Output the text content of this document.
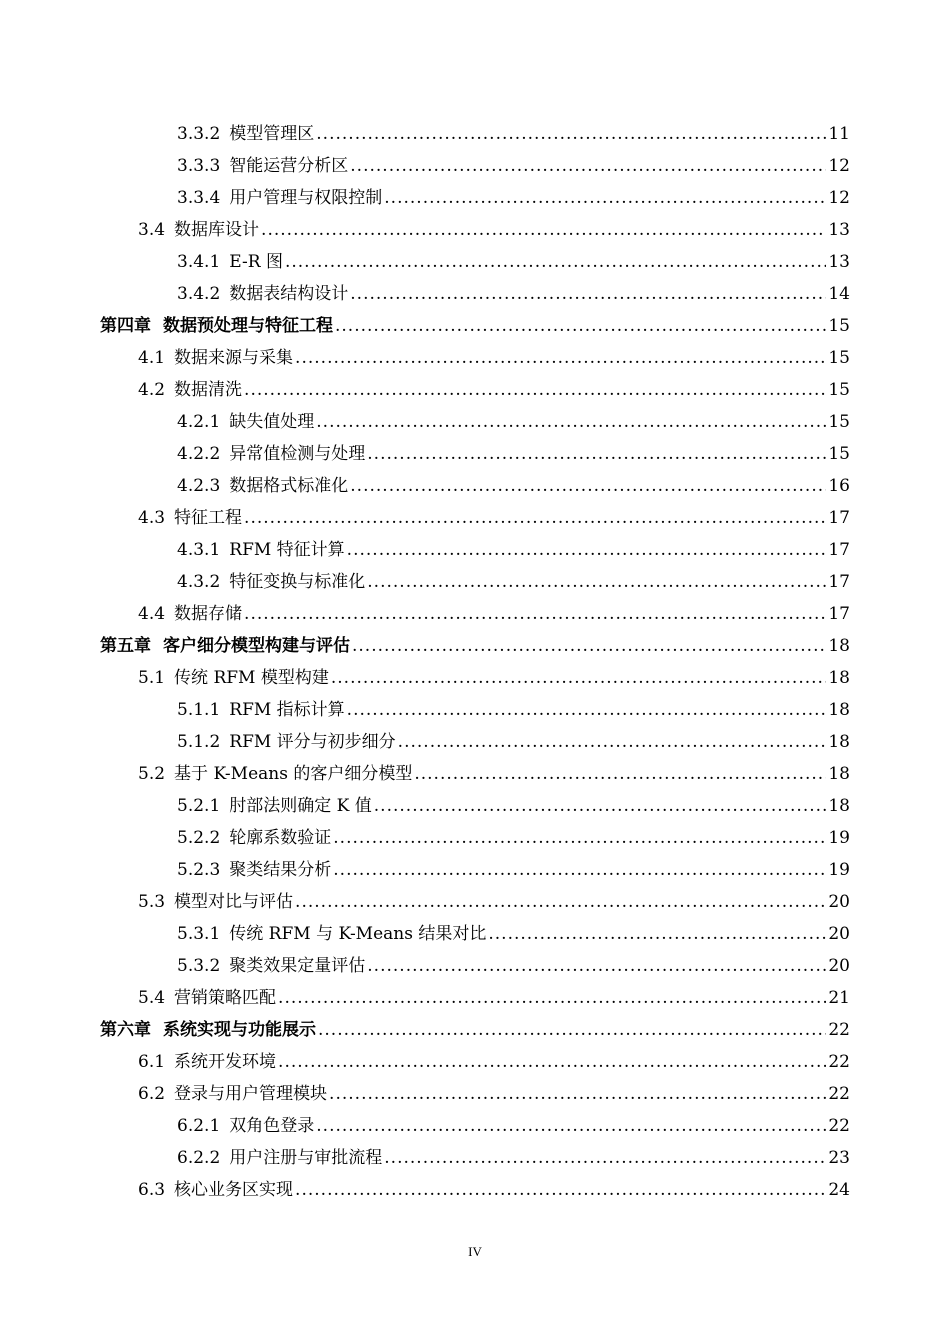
3.3.2 模型管理区 .....	11
3.3.3 智能运营分析区 .....	12
3.3.4 用户管理与权限控制 .....	12
3.4 数据库设计 .....	13
3.4.1 E-R 图 .....	13
3.4.2 数据表结构设计 .....	14
第四章 数据预处理与特征工程 .....	15
4.1 数据来源与采集 .....	15
4.2 数据清洗 .....	15
4.2.1 缺失值处理 .....	15
4.2.2 异常值检测与处理 .....	15
4.2.3 数据格式标准化 .....	16
4.3 特征工程 .....	17
4.3.1 RFM 特征计算 .....	17
4.3.2 特征变换与标准化 .....	17
4.4 数据存储 .....	17
第五章 客户细分模型构建与评估 .....	18
5.1 传统 RFM 模型构建 .....	18
5.1.1 RFM 指标计算 .....	18
5.1.2 RFM 评分与初步细分 .....	18
5.2 基于 K-Means 的客户细分模型 .....	18
5.2.1 肘部法则确定 K 值 .....	18
5.2.2 轮廓系数验证 .....	19
5.2.3 聚类结果分析 .....	19
5.3 模型对比与评估 .....	20
5.3.1 传统 RFM 与 K-Means 结果对比 .....	20
5.3.2 聚类效果定量评估 .....	20
5.4 营销策略匹配 .....	21
第六章 系统实现与功能展示 .....	22
6.1 系统开发环境 .....	22
6.2 登录与用户管理模块 .....	22
6.2.1 双角色登录 .....	22
6.2.2 用户注册与审批流程 .....	23
6.3 核心业务区实现 .....	24
IV
